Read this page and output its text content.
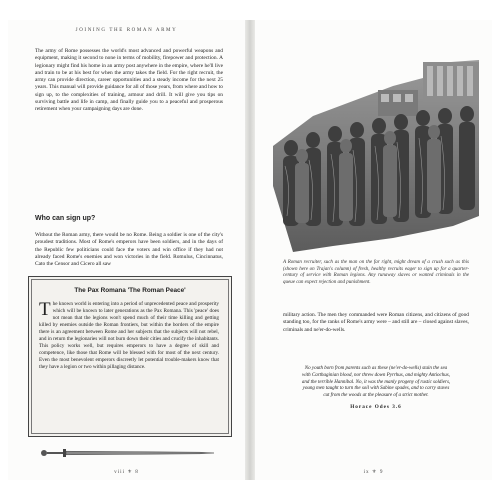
JOINING THE ROMAN ARMY
The army of Rome possesses the world's most advanced and powerful weapons and equipment, making it second to none in terms of mobility, firepower and protection. A legionary might find his home in an army post anywhere in the empire, where he'll live and train to be at his best for when the army takes the field. For the right recruit, the army can provide direction, career opportunities and a steady income for the next 25 years. This manual will provide guidance for all of those years, from where and how to sign up, to the complexities of training, armour and drill. It will give you tips on surviving battle and life in camp, and finally guide you to a peaceful and prosperous retirement when your campaigning days are done.
Who can sign up?
Without the Roman army, there would be no Rome. Being a soldier is one of the city's proudest traditions. Most of Rome's emperors have been soldiers, and in the days of the Republic few politicians could face the voters and win office if they had not already faced Rome's enemies and won victories in the field. Romulus, Cincinnatus, Cato the Censor and Cicero all saw
The Pax Romana 'The Roman Peace'
The known world is entering into a period of unprecedented peace and prosperity which will be known to later generations as the Pax Romana. This 'peace' does not mean that the legions won't spend much of their time killing and getting killed by enemies outside the Roman frontiers, but within the borders of the empire there is an agreement between Rome and her subjects that the subjects will not rebel, and in return the legionaries will not burn down their cities and crucify the inhabitants. This policy works well, but requires emperors to have a degree of skill and competence, like those that Rome will be blessed with for most of the next century. Even the most benevolent emperors discreetly let potential trouble-makers know that they have a legion or two within pillaging distance.
viii ⚜ 8
A Roman recruiter, such as the man on the far right, might dream of a crush such as this (shown here on Trajan's column) of fresh, healthy recruits eager to sign up for a quarter-century of service with Roman legions. Any runaway slaves or wanted criminals in the queue can expect rejection and punishment.
military action. The men they commanded were Roman citizens, and citizens of good standing too, for the ranks of Rome's army were – and still are – closed against slaves, criminals and ne'er-do-wells.
No youth born from parents such as these (ne'er-do-wells) stain the sea with Carthaginian blood, nor threw down Pyrrhus, and mighty Antiochus, and the terrible Hannibal. No, it was the manly progeny of rustic soldiers, young men taught to turn the soil with Sabine spades, and to carry staves cut from the woods at the pleasure of a strict mother.
Horace Odes 3.6
ix ⚜ 9
